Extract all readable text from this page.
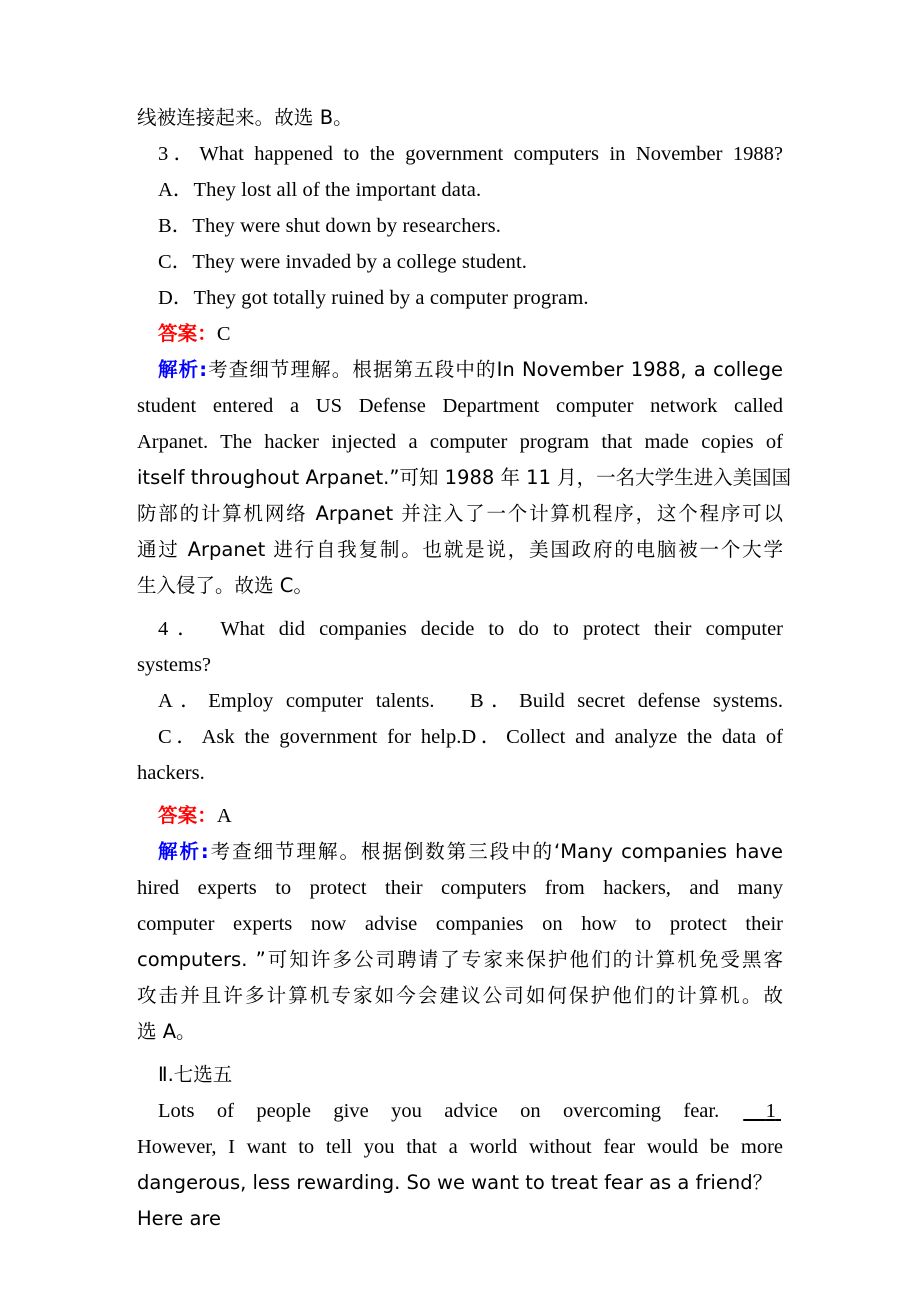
线被连接起来。故选 B。
3．What happened to the government computers in November 1988?
A．They lost all of the important data.
B．They were shut down by researchers.
C．They were invaded by a college student.
D．They got totally ruined by a computer program.
答案：C
解析:考查细节理解。根据第五段中的In November 1988, a college
student entered a US Defense Department computer network called
Arpanet. The hacker injected a computer program that made copies of
itself throughout Arpanet.”可知 1988 年 11 月，一名大学生进入美国国
防部的计算机网络 Arpanet 并注入了一个计算机程序，这个程序可以
通过 Arpanet 进行自我复制。也就是说，美国政府的电脑被一个大学
生入侵了。故选 C。
4． What did companies decide to do to protect their computer
systems?
A．Employ computer talents.　B．Build secret defense systems.
C．Ask the government for help.D．Collect and analyze the data of
hackers.
答案：A
解析:考查细节理解。根据倒数第三段中的‘Many companies have
hired experts to protect their computers from hackers, and many
computer experts now advise companies on how to protect their
computers. ”可知许多公司聘请了专家来保护他们的计算机免受黑客
攻击并且许多计算机专家如今会建议公司如何保护他们的计算机。故
选 A。
Ⅱ.七选五
Lots of people give you advice on overcoming fear. 1
However, I want to tell you that a world without fear would be more
dangerous, less rewarding. So we want to treat fear as a friend？ Here are
